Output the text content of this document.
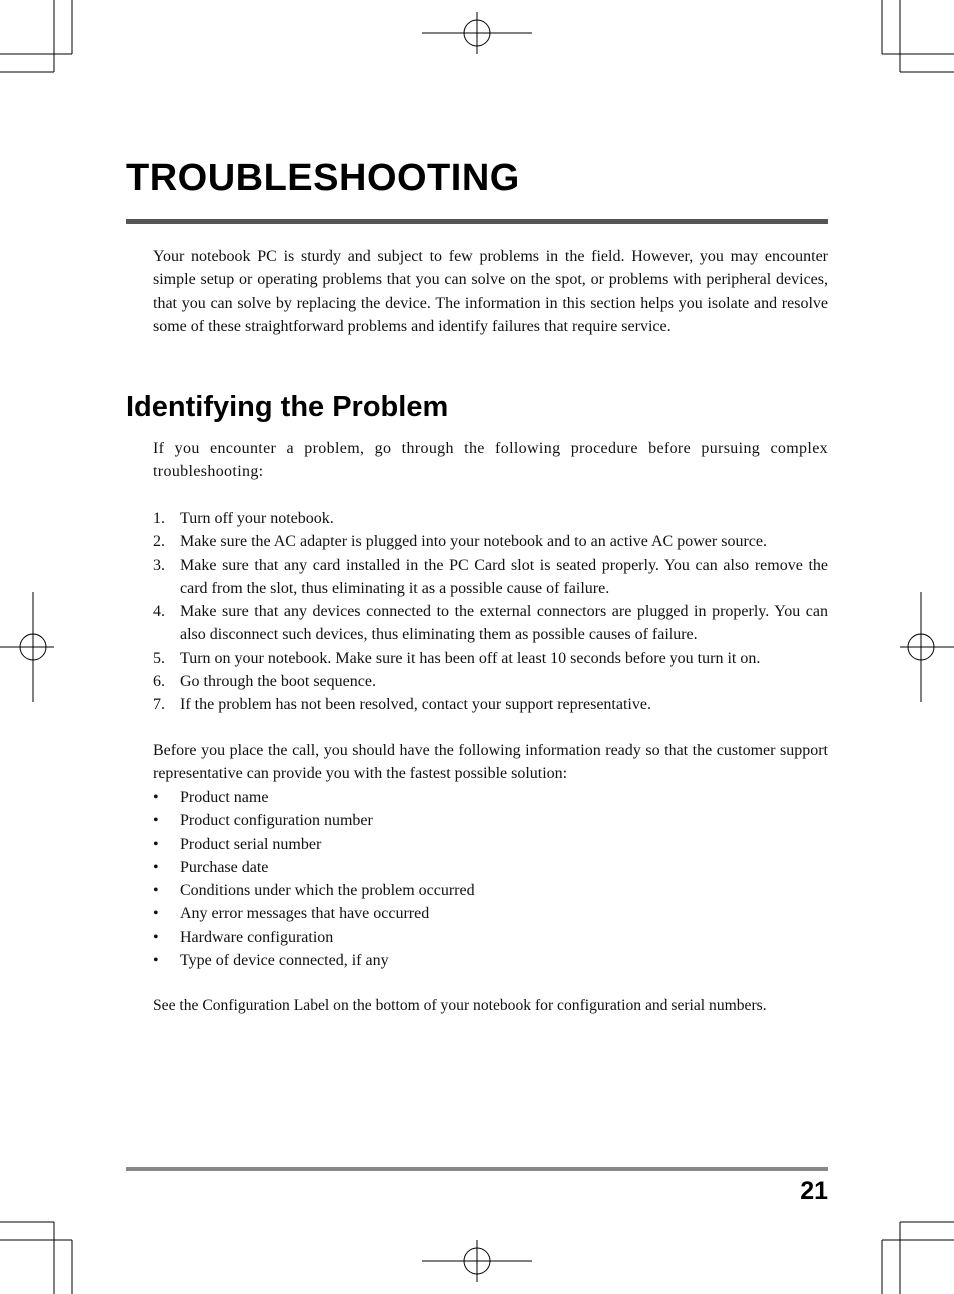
TROUBLESHOOTING

Your notebook PC is sturdy and subject to few problems in the field. However, you may encounter simple setup or operating problems that you can solve on the spot, or problems with peripheral devices, that you can solve by replacing the device. The information in this section helps you isolate and resolve some of these straightforward problems and identify failures that require service.

Identifying the Problem

If you encounter a problem, go through the following procedure before pursuing complex troubleshooting:

1. Turn off your notebook.
2. Make sure the AC adapter is plugged into your notebook and to an active AC power source.
3. Make sure that any card installed in the PC Card slot is seated properly. You can also remove the card from the slot, thus eliminating it as a possible cause of failure.
4. Make sure that any devices connected to the external connectors are plugged in properly. You can also disconnect such devices, thus eliminating them as possible causes of failure.
5. Turn on your notebook. Make sure it has been off at least 10 seconds before you turn it on.
6. Go through the boot sequence.
7. If the problem has not been resolved, contact your support representative.

Before you place the call, you should have the following information ready so that the customer support representative can provide you with the fastest possible solution:

• Product name
• Product configuration number
• Product serial number
• Purchase date
• Conditions under which the problem occurred
• Any error messages that have occurred
• Hardware configuration
• Type of device connected, if any

See the Configuration Label on the bottom of your notebook for configuration and serial numbers.

21
